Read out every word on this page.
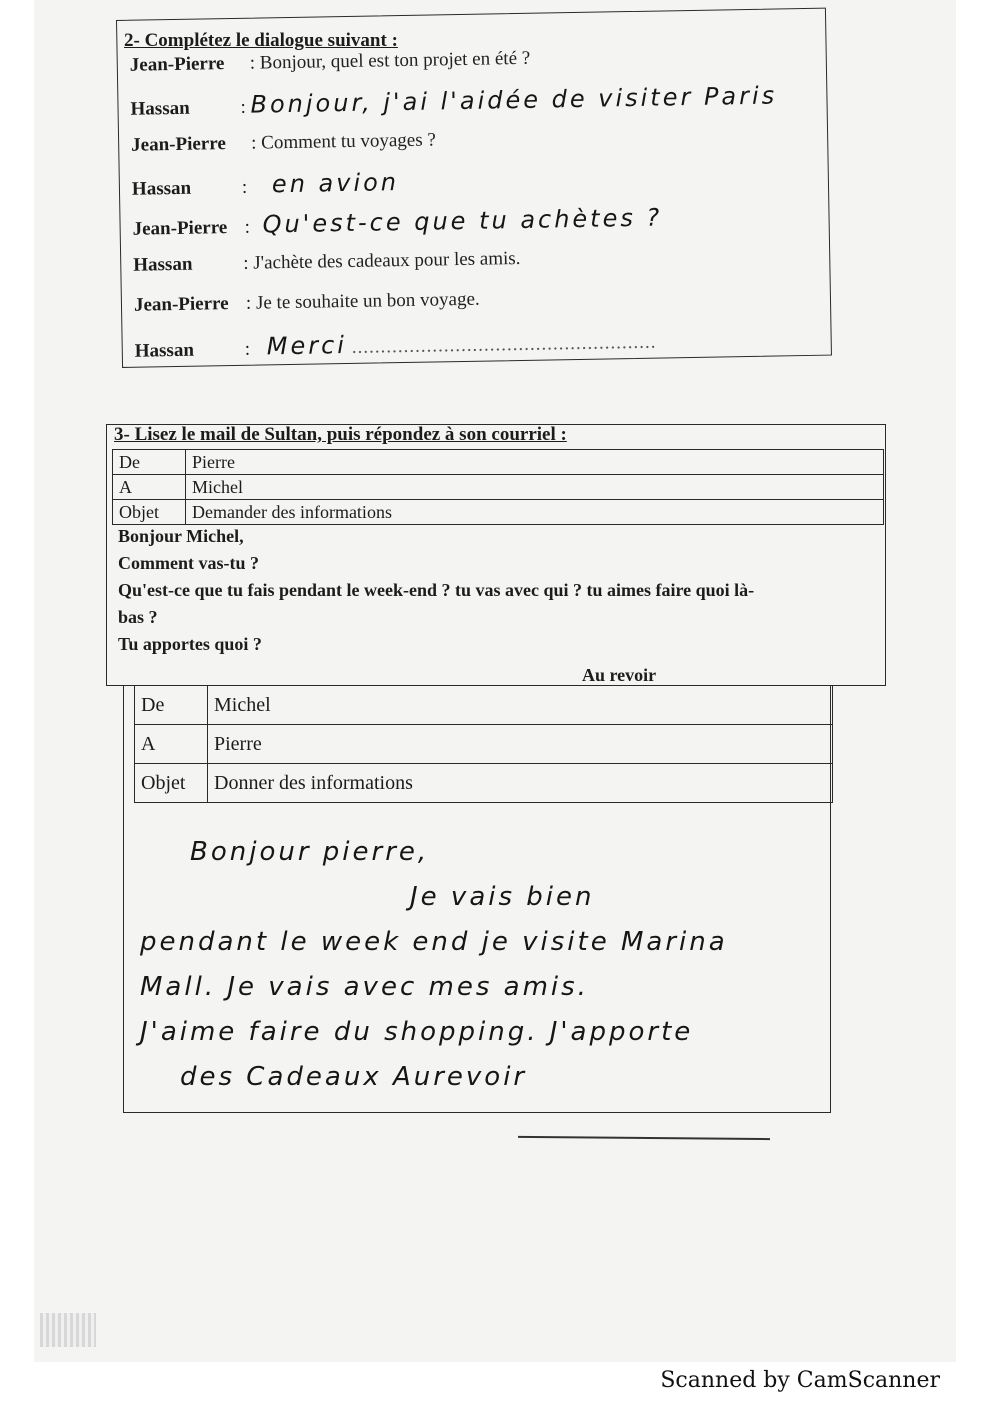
2- Complétez le dialogue suivant :
Jean-Pierre : Bonjour, quel est ton projet en été ?
Hassan	: Bonjour, j'ai l'aidée de visiter Paris
Jean-Pierre : Comment tu voyages ?
Hassan	: en avion
Jean-Pierre : Qu'est-ce que tu achètes ?
Hassan	: J'achète des cadeaux pour les amis.
Jean-Pierre : Je te souhaite un bon voyage.
Hassan	: Merci .....................................................
3- Lisez le mail de Sultan, puis répondez à son courriel :
De	Pierre
A	Michel
Objet	Demander des informations
Bonjour Michel,
Comment vas-tu ?
Qu'est-ce que tu fais pendant le week-end ? tu vas avec qui ? tu aimes faire quoi là-
bas ?
Tu apportes quoi ?
Au revoir
De	Michel
A	Pierre
Objet	Donner des informations
Bonjour pierre,
Je vais bien
pendant le week end je visite Marina
Mall. Je vais avec mes amis.
J'aime faire du shopping. J'apporte
des Cadeaux Aurevoir
Scanned by CamScanner
